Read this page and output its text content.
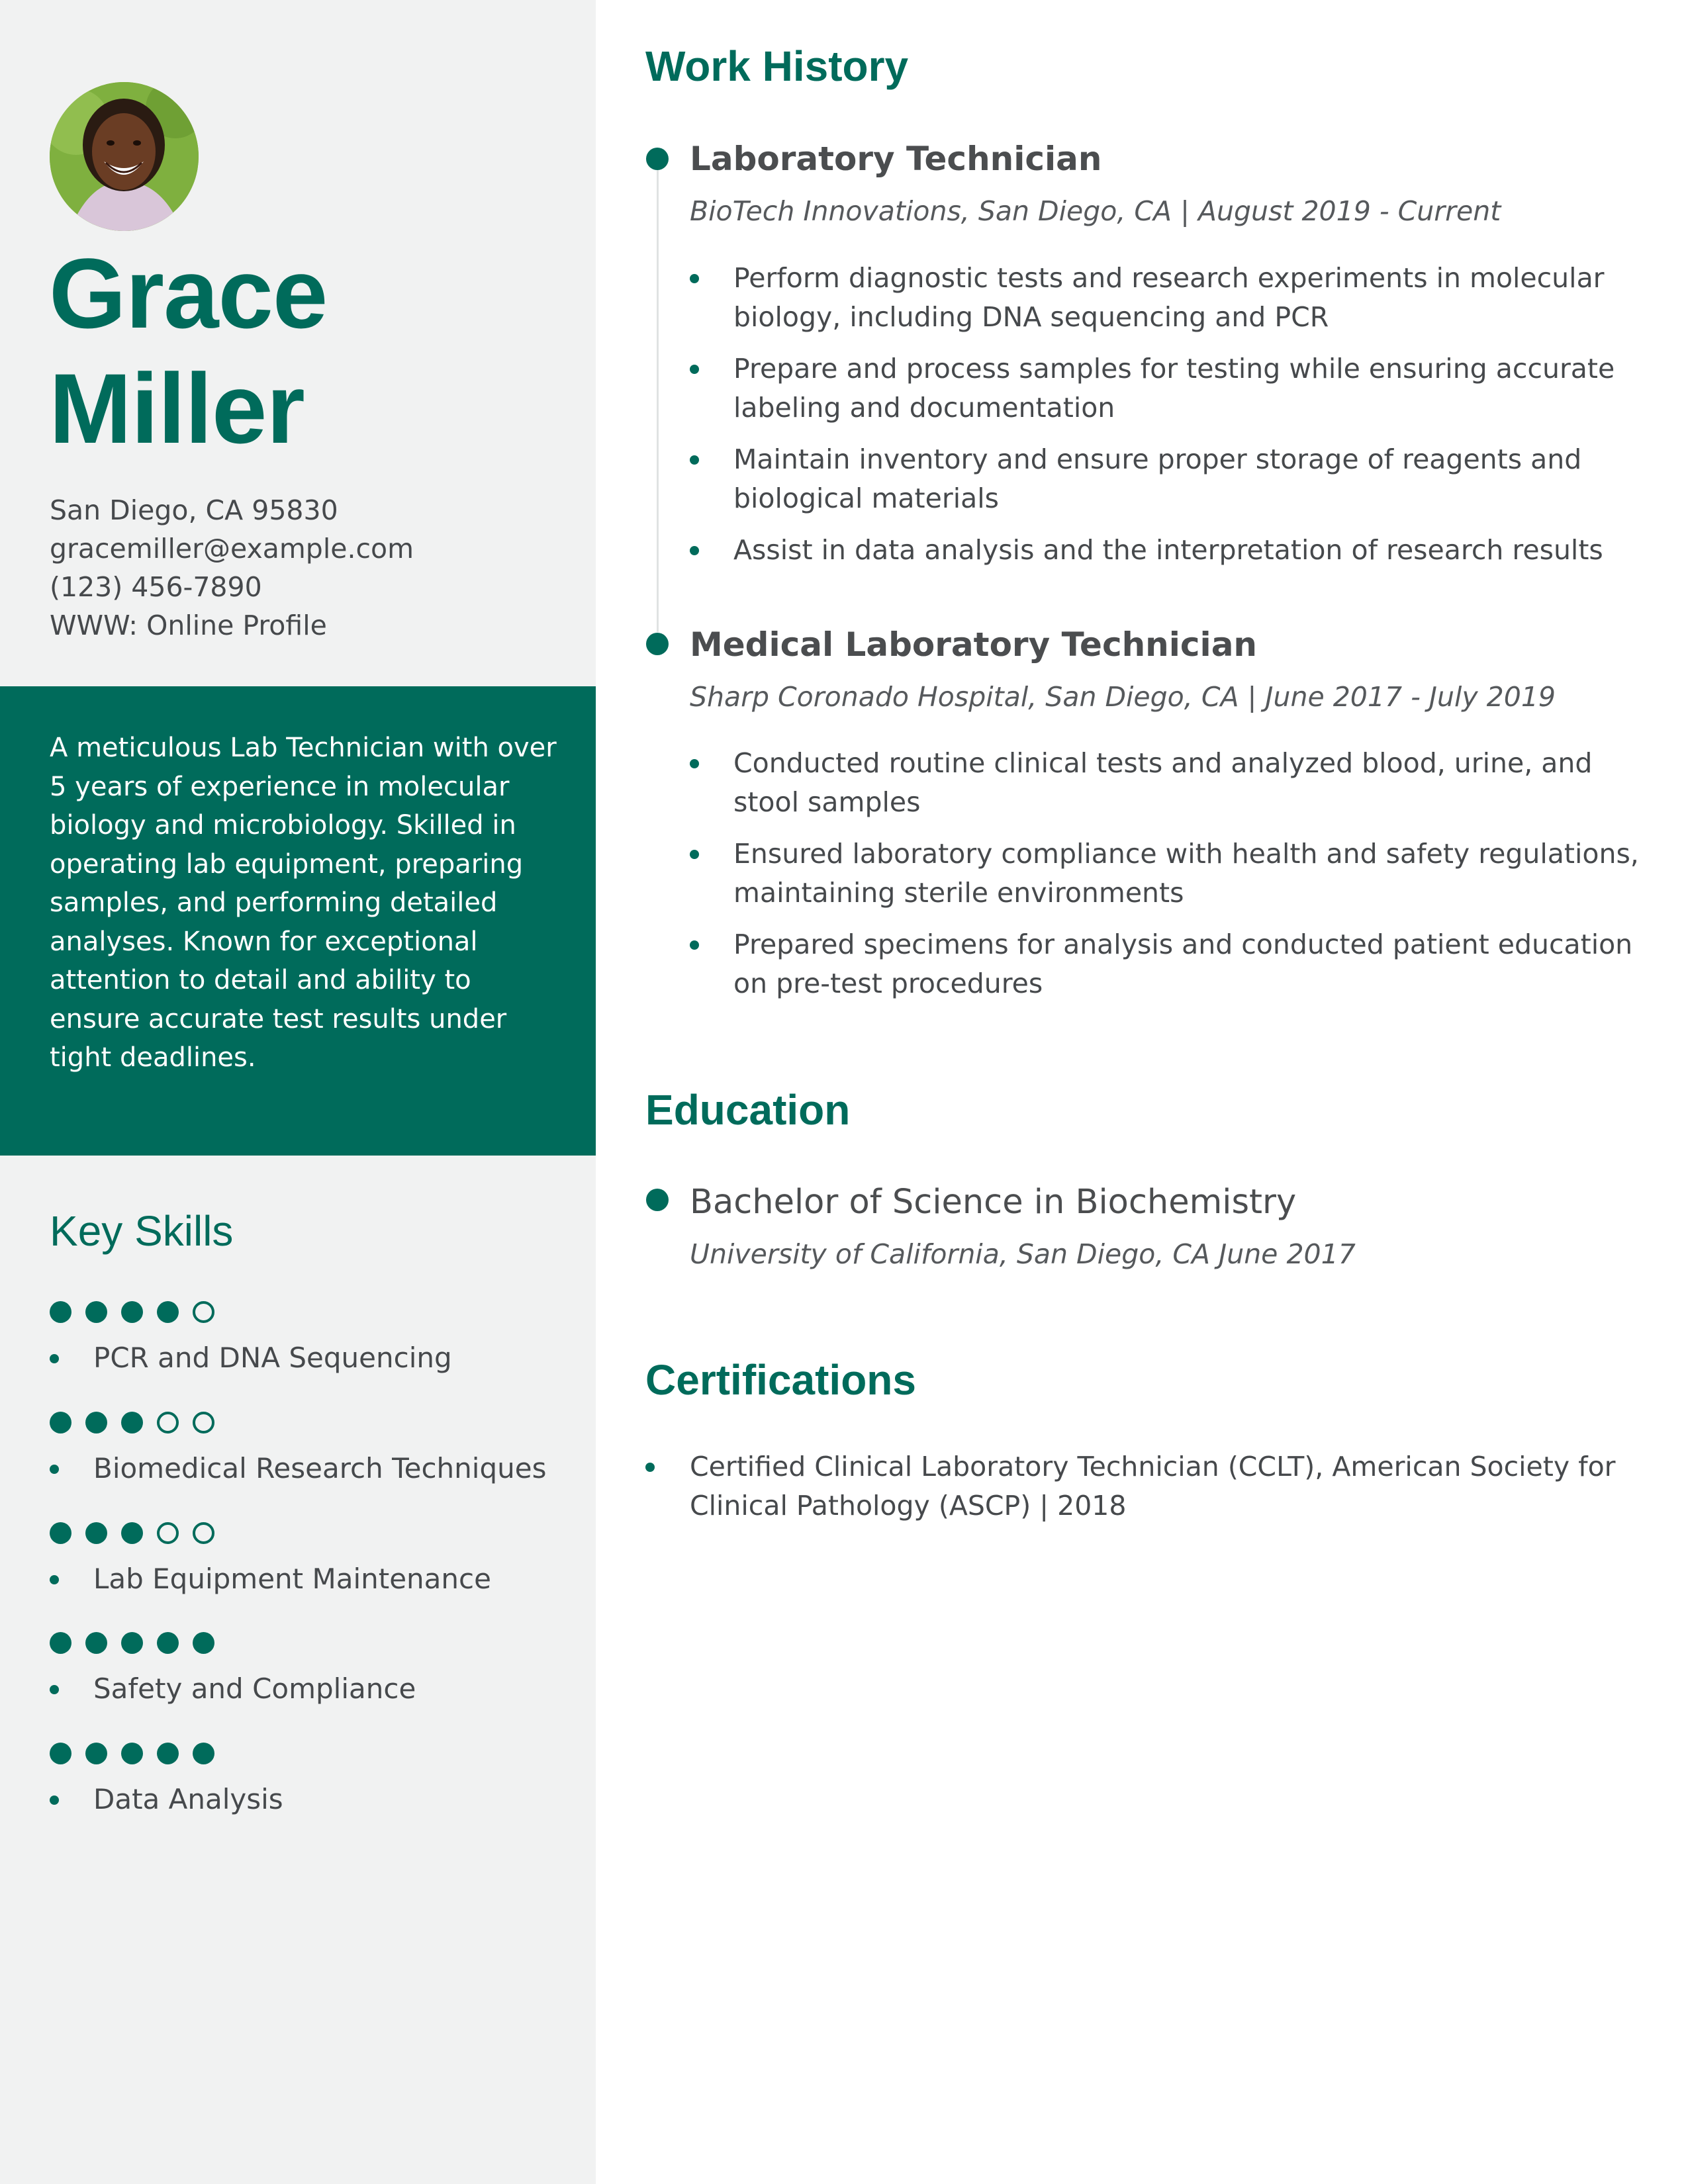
Grace
Miller
San Diego, CA 95830
gracemiller@example.com
(123) 456-7890
WWW: Online Profile

A meticulous Lab Technician with over 5 years of experience in molecular biology and microbiology. Skilled in operating lab equipment, preparing samples, and performing detailed analyses. Known for exceptional attention to detail and ability to ensure accurate test results under tight deadlines.

Key Skills
PCR and DNA Sequencing
Biomedical Research Techniques
Lab Equipment Maintenance
Safety and Compliance
Data Analysis
Work History
Laboratory Technician
BioTech Innovations, San Diego, CA | August 2019 - Current
Perform diagnostic tests and research experiments in molecular biology, including DNA sequencing and PCR
Prepare and process samples for testing while ensuring accurate labeling and documentation
Maintain inventory and ensure proper storage of reagents and biological materials
Assist in data analysis and the interpretation of research results
Medical Laboratory Technician
Sharp Coronado Hospital, San Diego, CA | June 2017 - July 2019
Conducted routine clinical tests and analyzed blood, urine, and stool samples
Ensured laboratory compliance with health and safety regulations, maintaining sterile environments
Prepared specimens for analysis and conducted patient education on pre-test procedures
Education
Bachelor of Science in Biochemistry
University of California, San Diego, CA June 2017
Certifications
Certified Clinical Laboratory Technician (CCLT), American Society for Clinical Pathology (ASCP) | 2018
